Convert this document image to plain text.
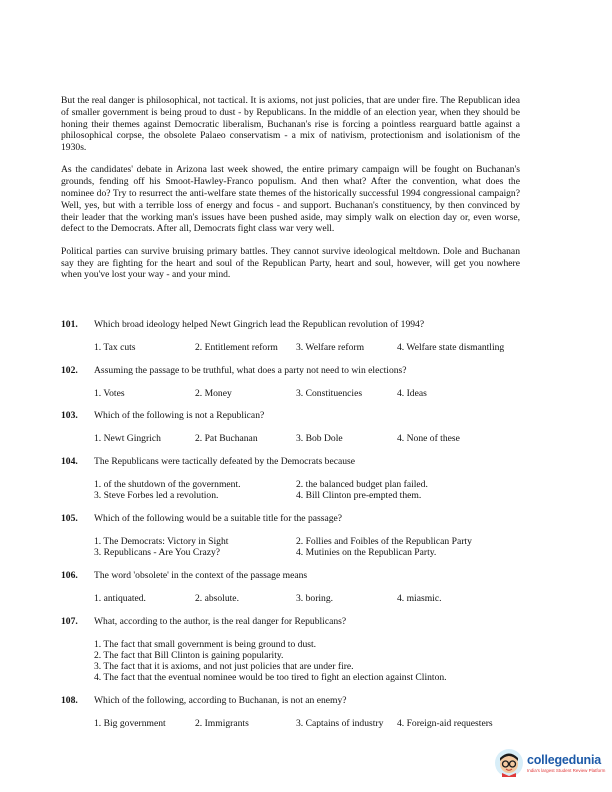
But the real danger is philosophical, not tactical. It is axioms, not just policies, that are under fire. The Republican idea of smaller government is being proud to dust - by Republicans. In the middle of an election year, when they should be honing their themes against Democratic liberalism, Buchanan's rise is forcing a pointless rearguard battle against a philosophical corpse, the obsolete Palaeo conservatism - a mix of nativism, protectionism and isolationism of the 1930s.

As the candidates' debate in Arizona last week showed, the entire primary campaign will be fought on Buchanan's grounds, fending off his Smoot-Hawley-Franco populism. And then what? After the convention, what does the nominee do? Try to resurrect the anti-welfare state themes of the historically successful 1994 congressional campaign? Well, yes, but with a terrible loss of energy and focus - and support. Buchanan's constituency, by then convinced by their leader that the working man's issues have been pushed aside, may simply walk on election day or, even worse, defect to the Democrats. After all, Democrats fight class war very well.

Political parties can survive bruising primary battles. They cannot survive ideological meltdown. Dole and Buchanan say they are fighting for the heart and soul of the Republican Party, heart and soul, however, will get you nowhere when you've lost your way - and your mind.

101.	Which broad ideology helped Newt Gingrich lead the Republican revolution of 1994?
1. Tax cuts	2. Entitlement reform	3. Welfare reform	4. Welfare state dismantling
102.	Assuming the passage to be truthful, what does a party not need to win elections?
1. Votes	2. Money	3. Constituencies	4. Ideas
103.	Which of the following is not a Republican?
1. Newt Gingrich	2. Pat Buchanan	3. Bob Dole	4. None of these
104.	The Republicans were tactically defeated by the Democrats because
1. of the shutdown of the government.	2. the balanced budget plan failed.
3. Steve Forbes led a revolution.	4. Bill Clinton pre-empted them.
105.	Which of the following would be a suitable title for the passage?
1. The Democrats: Victory in Sight	2. Follies and Foibles of the Republican Party
3. Republicans - Are You Crazy?	4. Mutinies on the Republican Party.
106.	The word 'obsolete' in the context of the passage means
1. antiquated.	2. absolute.	3. boring.	4. miasmic.
107.	What, according to the author, is the real danger for Republicans?
1. The fact that small government is being ground to dust.
2. The fact that Bill Clinton is gaining popularity.
3. The fact that it is axioms, and not just policies that are under fire.
4. The fact that the eventual nominee would be too tired to fight an election against Clinton.
108.	Which of the following, according to Buchanan, is not an enemy?
1. Big government	2. Immigrants	3. Captains of industry	4. Foreign-aid requesters
collegedunia
India's largest Student Review Platform
